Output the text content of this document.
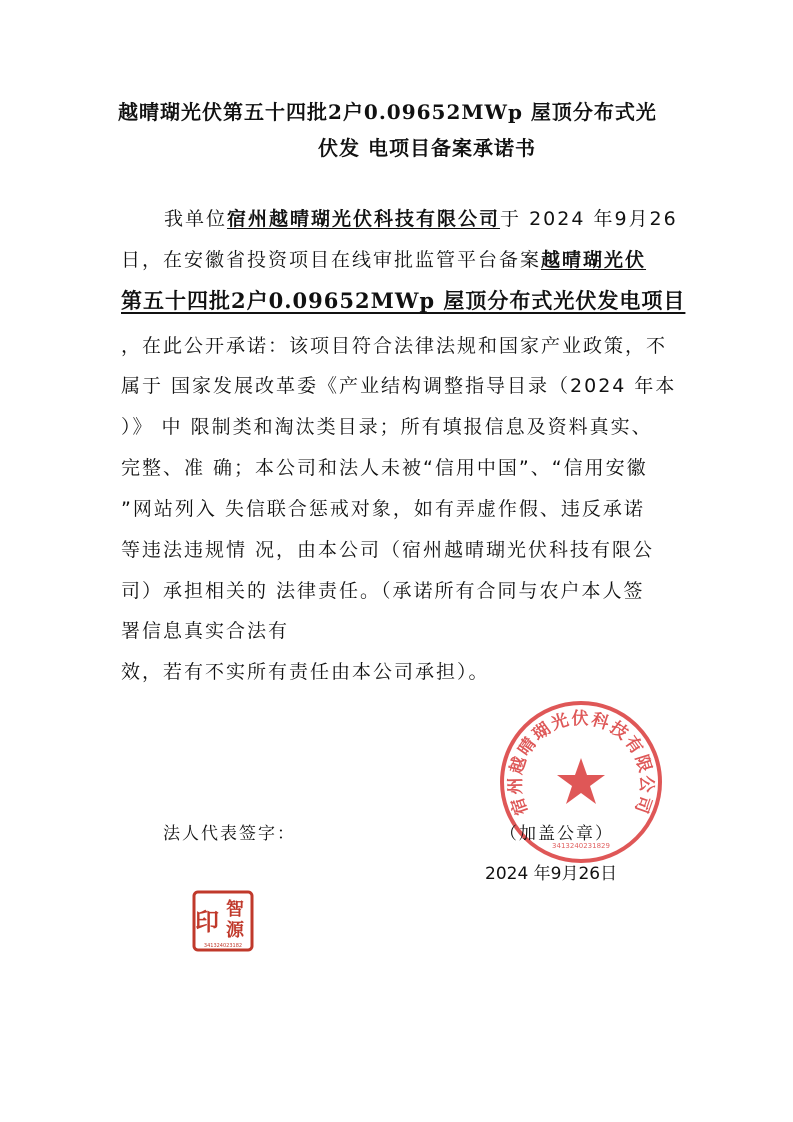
越晴瑚光伏第五十四批2户0.09652MWp 屋顶分布式光
伏发 电项目备案承诺书
我单位宿州越晴瑚光伏科技有限公司于 2024 年9月26
日，在安徽省投资项目在线审批监管平台备案越晴瑚光伏
第五十四批2户0.09652MWp 屋顶分布式光伏发电项目
，在此公开承诺：该项目符合法律法规和国家产业政策，不
属于 国家发展改革委《产业结构调整指导目录（2024 年本
）》 中 限制类和淘汰类目录；所有填报信息及资料真实、
完整、准 确；本公司和法人未被“信用中国”、“信用安徽
”网站列入 失信联合惩戒对象，如有弄虚作假、违反承诺
等违法违规情 况，由本公司（宿州越晴瑚光伏科技有限公
司）承担相关的 法律责任。（承诺所有合同与农户本人签
署信息真实合法有
效，若有不实所有责任由本公司承担）。
宿州越晴瑚光伏科技有限公司
3413240231829
法人代表签字：	（加盖公章）
2024 年9月26日
印 智
源
341324023182
